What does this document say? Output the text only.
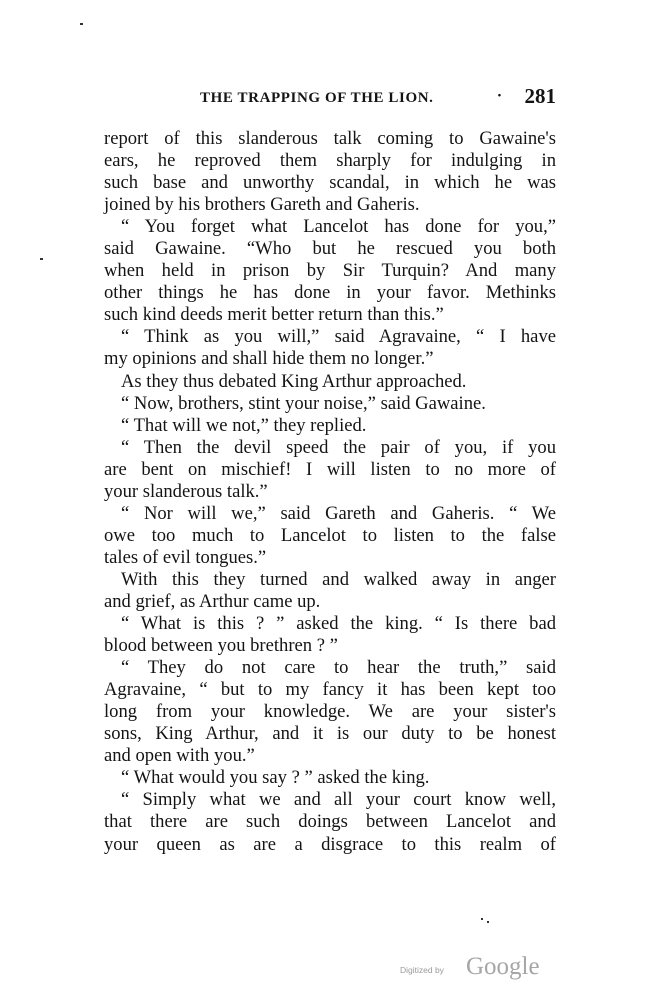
THE TRAPPING OF THE LION.	· 281
report of this slanderous talk coming to Gawaine's
ears, he reproved them sharply for indulging in
such base and unworthy scandal, in which he was
joined by his brothers Gareth and Gaheris.
“ You forget what Lancelot has done for you,”
said Gawaine. “Who but he rescued you both
when held in prison by Sir Turquin? And many
other things he has done in your favor. Methinks
such kind deeds merit better return than this.”
“ Think as you will,” said Agravaine, “ I have
my opinions and shall hide them no longer.”
As they thus debated King Arthur approached.
“ Now, brothers, stint your noise,” said Gawaine.
“ That will we not,” they replied.
“ Then the devil speed the pair of you, if you
are bent on mischief! I will listen to no more of
your slanderous talk.”
“ Nor will we,” said Gareth and Gaheris. “ We
owe too much to Lancelot to listen to the false
tales of evil tongues.”
With this they turned and walked away in anger
and grief, as Arthur came up.
“ What is this ? ” asked the king. “ Is there bad
blood between you brethren ? ”
“ They do not care to hear the truth,” said
Agravaine, “ but to my fancy it has been kept too
long from your knowledge. We are your sister's
sons, King Arthur, and it is our duty to be honest
and open with you.”
“ What would you say ? ” asked the king.
“ Simply what we and all your court know well,
that there are such doings between Lancelot and
your queen as are a disgrace to this realm of
Digitized by Google
